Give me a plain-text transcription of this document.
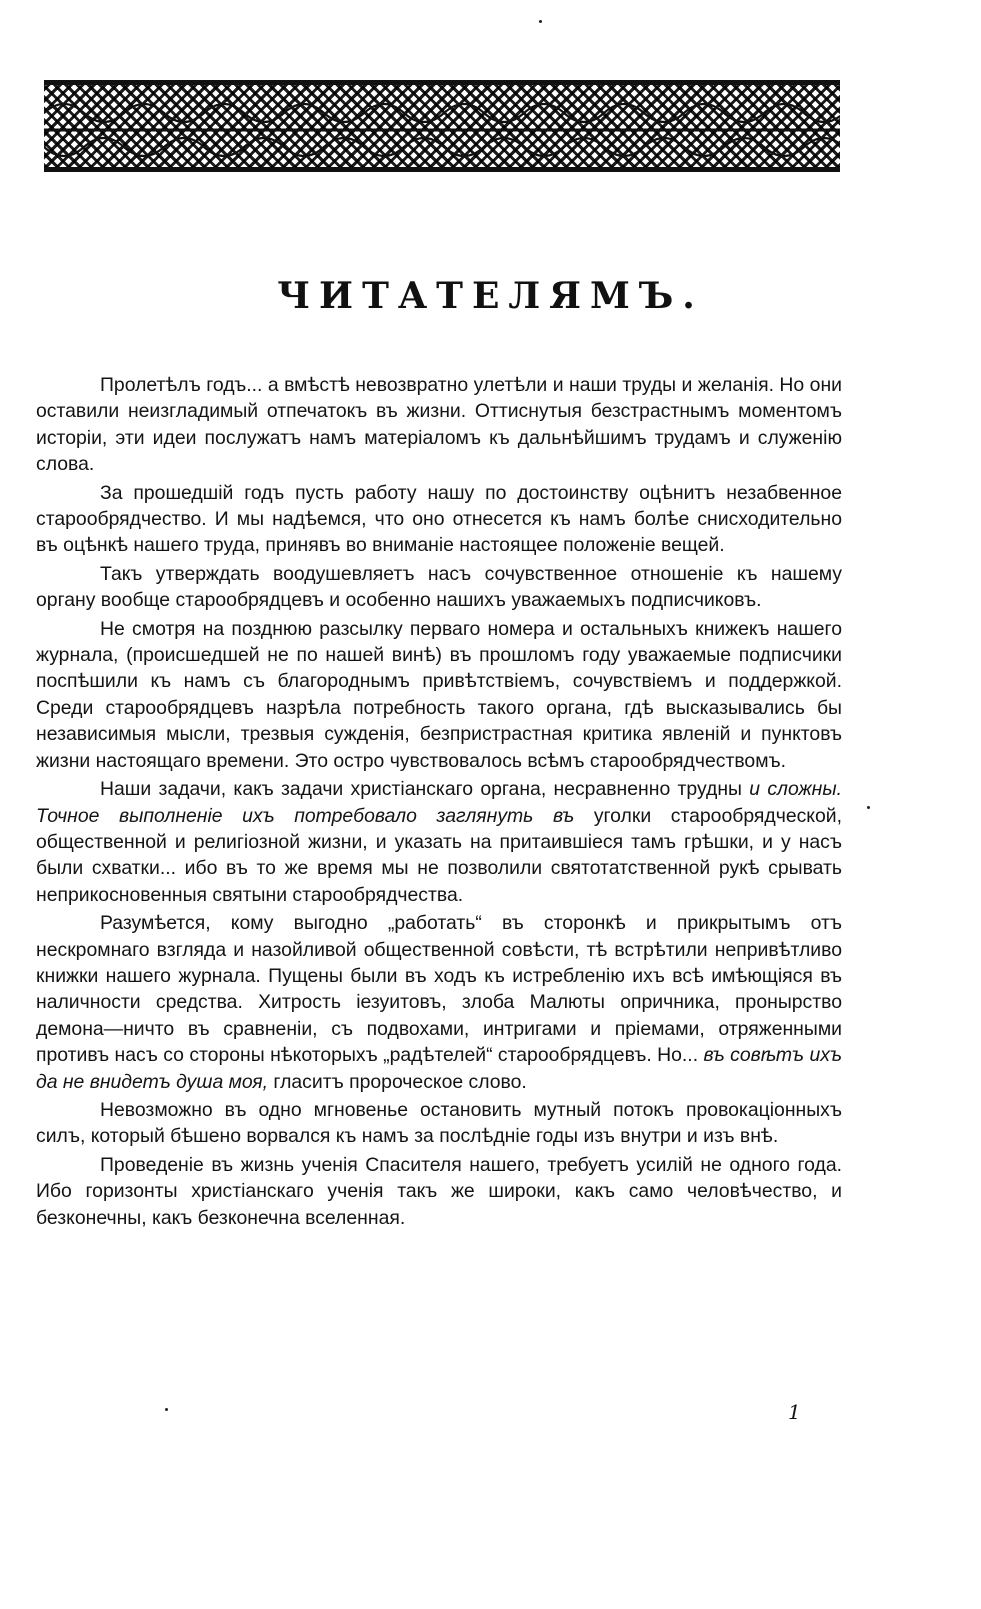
ЧИТАТЕЛЯМЪ.

Пролетѣлъ годъ... а вмѣстѣ невозвратно улетѣли и наши труды и желанія. Но они оставили неизгладимый отпечатокъ въ жизни. Оттиснутыя безстрастнымъ моментомъ исторіи, эти идеи послужатъ намъ матеріаломъ къ дальнѣйшимъ трудамъ и служенію слова.

За прошедшій годъ пусть работу нашу по достоинству оцѣнитъ незабвенное старообрядчество. И мы надѣемся, что оно отнесется къ намъ болѣе снисходительно въ оцѣнкѣ нашего труда, принявъ во вниманіе настоящее положеніе вещей.

Такъ утверждать воодушевляетъ насъ сочувственное отношеніе къ нашему органу вообще старообрядцевъ и особенно нашихъ уважаемыхъ подписчиковъ.

Не смотря на позднюю разсылку перваго номера и остальныхъ книжекъ нашего журнала, (происшедшей не по нашей винѣ) въ прошломъ году уважаемые подписчики поспѣшили къ намъ съ благороднымъ привѣтствіемъ, сочувствіемъ и поддержкой. Среди старообрядцевъ назрѣла потребность такого органа, гдѣ высказывались бы независимыя мысли, трезвыя сужденія, безпристрастная критика явленій и пунктовъ жизни настоящаго времени. Это остро чувствовалось всѣмъ старообрядчествомъ.

Наши задачи, какъ задачи христіанскаго органа, несравненно трудны и сложны. Точное выполненіе ихъ потребовало заглянуть въ уголки старообрядческой, общественной и религіозной жизни, и указать на притаившіеся тамъ грѣшки, и у насъ были схватки... ибо въ то же время мы не позволили святотатственной рукѣ срывать неприкосновенныя святыни старообрядчества.

Разумѣется, кому выгодно „работать“ въ сторонкѣ и прикрытымъ отъ нескромнаго взгляда и назойливой общественной совѣсти, тѣ встрѣтили непривѣтливо книжки нашего журнала. Пущены были въ ходъ къ истребленію ихъ всѣ имѣющіяся въ наличности средства. Хитрость іезуитовъ, злоба Малюты опричника, пронырство демона—ничто въ сравненіи, съ подвохами, интригами и пріемами, отряженными противъ насъ со стороны нѣкоторыхъ „радѣтелей“ старообрядцевъ. Но... въ совѣтъ ихъ да не внидетъ душа моя, гласитъ пророческое слово.

Невозможно въ одно мгновенье остановить мутный потокъ провокаціонныхъ силъ, который бѣшено ворвался къ намъ за послѣдніе годы изъ внутри и изъ внѣ.

Проведеніе въ жизнь ученія Спасителя нашего, требуетъ усилій не одного года. Ибо горизонты христіанскаго ученія такъ же широки, какъ само человѣчество, и безконечны, какъ безконечна вселенная.

1
